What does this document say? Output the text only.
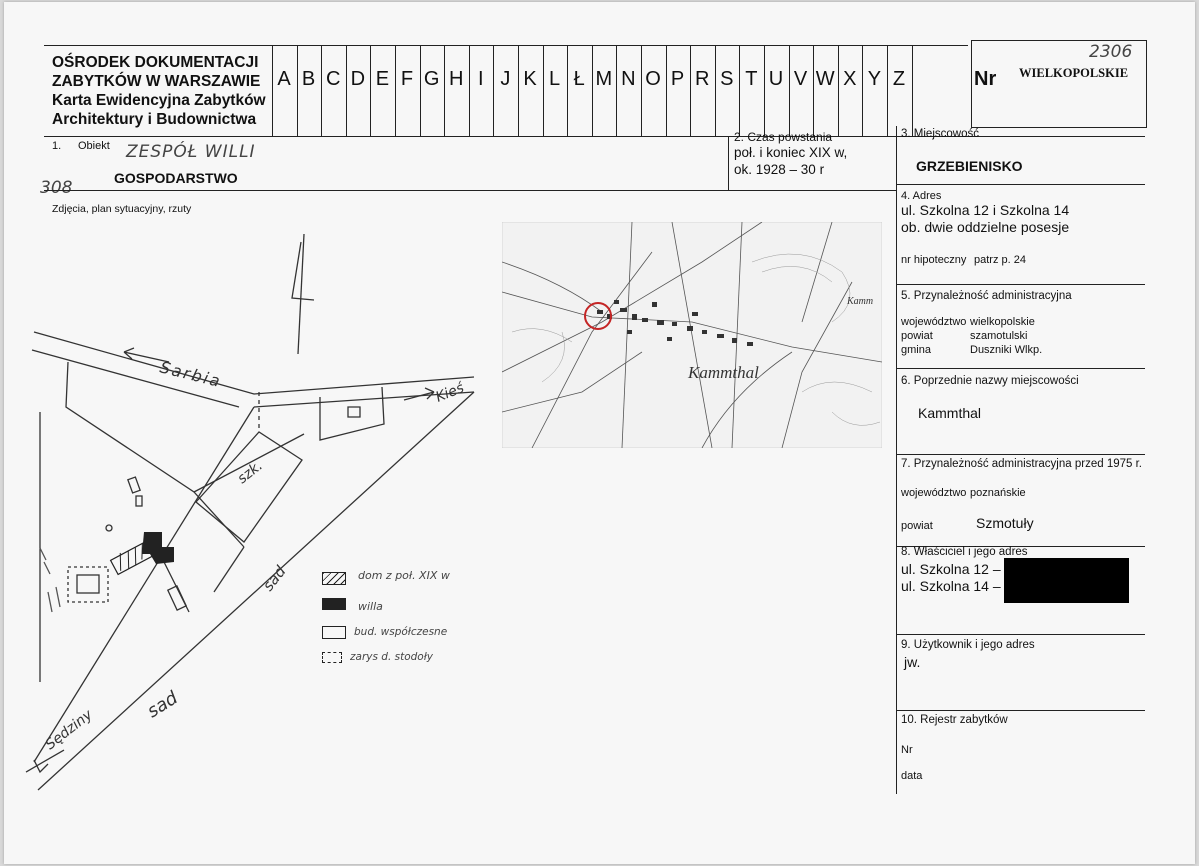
OŚRODEK DOKUMENTACJI
ZABYTKÓW W WARSZAWIE
Karta Ewidencyjna Zabytków
Architektury i Budownictwa
A B C D E F G H I J K L Ł M N O P R S T U V W X Y Z	Nr WIELKOPOLSKIE
2306
1. Obiekt ZESPÓŁ WILLI
308	GOSPODARSTWO
2. Czas powstania
poł. i koniec XIX w,
ok. 1928 – 30 r
Zdjęcia, plan sytuacyjny, rzuty
3. Miejscowość
GRZEBIENISKO
4. Adres
ul. Szkolna 12 i Szkolna 14
ob. dwie oddzielne posesje
nr hipoteczny patrz p. 24
5. Przynależność administracyjna
województwo wielkopolskie
powiat	szamotulski
gmina	Duszniki Wlkp.
6. Poprzednie nazwy miejscowości
Kammthal
7. Przynależność administracyjna przed 1975 r.
województwo poznańskie
powiat	Szmotuły
8. Właściciel i jego adres
ul. Szkolna 12 –
ul. Szkolna 14 –
9. Użytkownik i jego adres
jw.
10. Rejestr zabytków
Nr
data
Kammthal
Kamm
Sarbia
Kieś
szk.
sad
sad
Sędziny
dom z poł. XIX w
willa
bud. współczesne
zarys d. stodoły
